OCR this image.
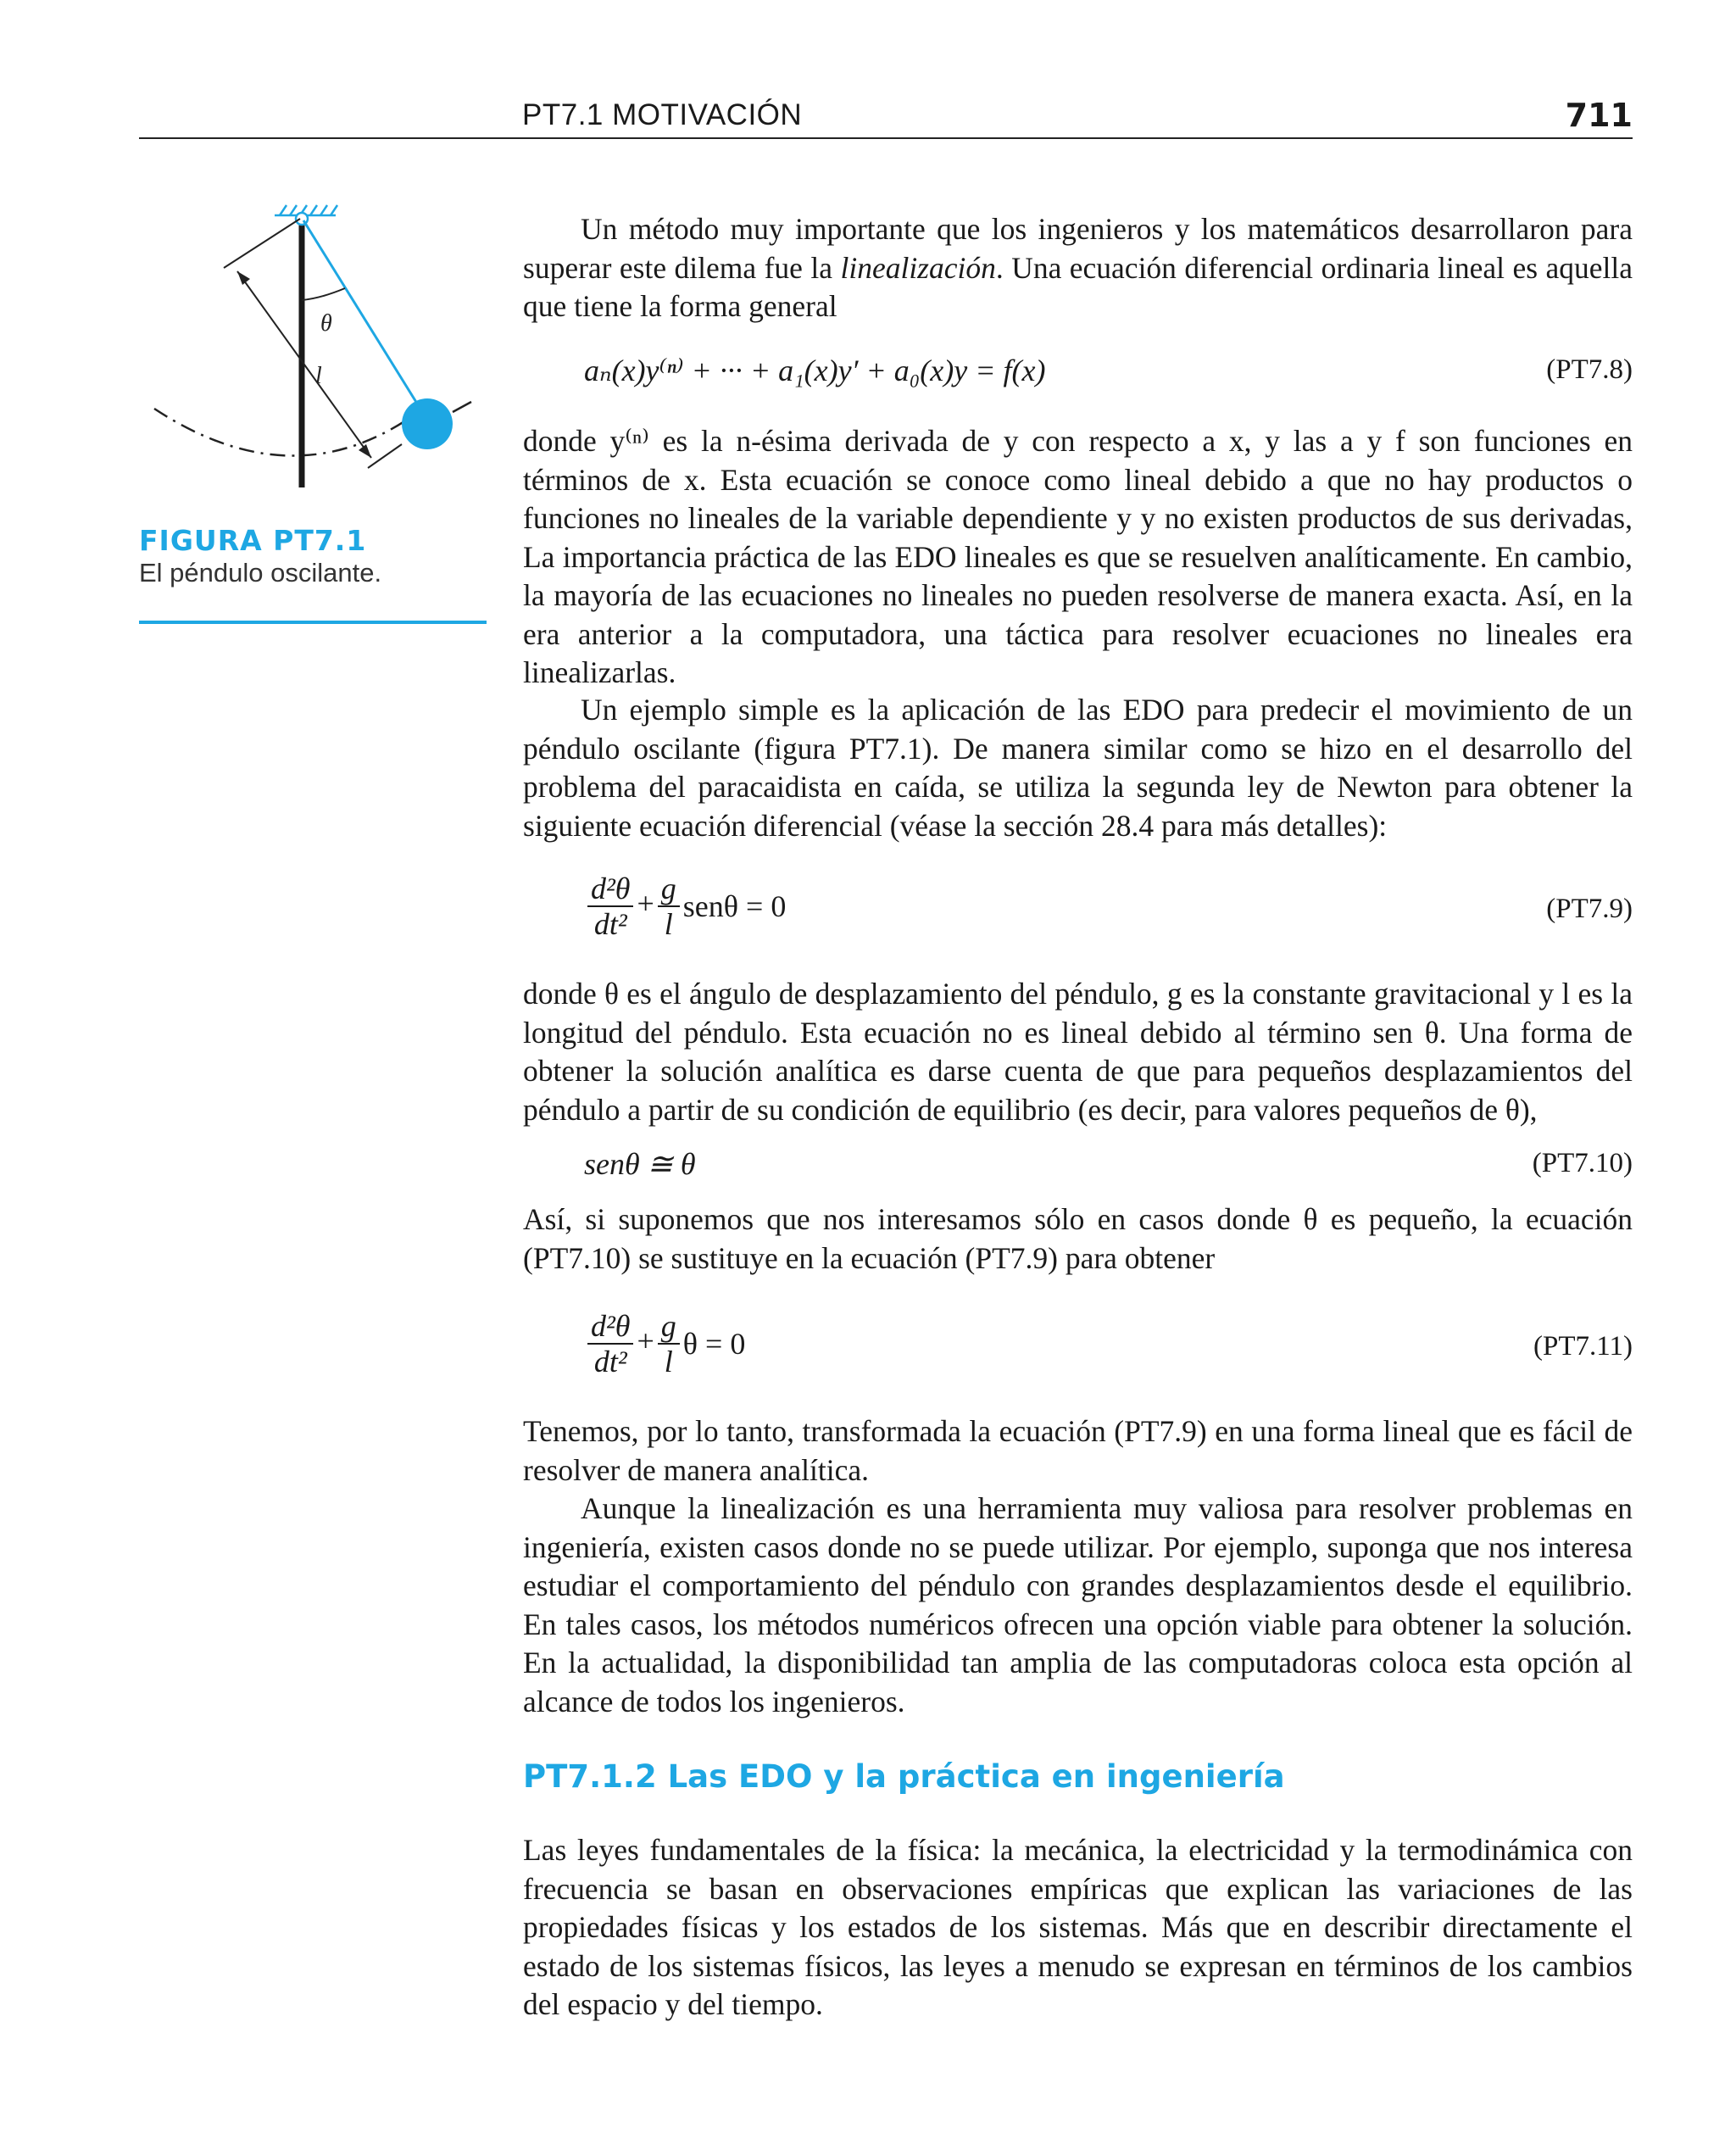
PT7.1 MOTIVACIÓN	711
θ
l
FIGURA PT7.1
El péndulo oscilante.

Un método muy importante que los ingenieros y los matemáticos desarrollaron para superar este dilema fue la linealización. Una ecuación diferencial ordinaria lineal es aquella que tiene la forma general

aₙ(x)y⁽ⁿ⁾ + ··· + a₁(x)y′ + a₀(x)y = f(x)	(PT7.8)

donde y⁽ⁿ⁾ es la n-ésima derivada de y con respecto a x, y las a y f son funciones en términos de x. Esta ecuación se conoce como lineal debido a que no hay productos o funciones no lineales de la variable dependiente y y no existen productos de sus derivadas, La importancia práctica de las EDO lineales es que se resuelven analíticamente. En cambio, la mayoría de las ecuaciones no lineales no pueden resolverse de manera exacta. Así, en la era anterior a la computadora, una táctica para resolver ecuaciones no lineales era linealizarlas.

Un ejemplo simple es la aplicación de las EDO para predecir el movimiento de un péndulo oscilante (figura PT7.1). De manera similar como se hizo en el desarrollo del problema del paracaidista en caída, se utiliza la segunda ley de Newton para obtener la siguiente ecuación diferencial (véase la sección 28.4 para más detalles):

$\frac{\text{d²θ}}{\text{dt²}} + \frac{g}{l}$ senθ = 0	(PT7.9)

donde θ es el ángulo de desplazamiento del péndulo, g es la constante gravitacional y l es la longitud del péndulo. Esta ecuación no es lineal debido al término sen θ. Una forma de obtener la solución analítica es darse cuenta de que para pequeños desplazamientos del péndulo a partir de su condición de equilibrio (es decir, para valores pequeños de θ),

senθ ≅ θ	(PT7.10)

Así, si suponemos que nos interesamos sólo en casos donde θ es pequeño, la ecuación (PT7.10) se sustituye en la ecuación (PT7.9) para obtener

$\frac{\text{d²θ}}{\text{dt²}} + \frac{g}{l}$ θ = 0	(PT7.11)

Tenemos, por lo tanto, transformada la ecuación (PT7.9) en una forma lineal que es fácil de resolver de manera analítica.

Aunque la linealización es una herramienta muy valiosa para resolver problemas en ingeniería, existen casos donde no se puede utilizar. Por ejemplo, suponga que nos interesa estudiar el comportamiento del péndulo con grandes desplazamientos desde el equilibrio. En tales casos, los métodos numéricos ofrecen una opción viable para obtener la solución. En la actualidad, la disponibilidad tan amplia de las computadoras coloca esta opción al alcance de todos los ingenieros.

PT7.1.2 Las EDO y la práctica en ingeniería

Las leyes fundamentales de la física: la mecánica, la electricidad y la termodinámica con frecuencia se basan en observaciones empíricas que explican las variaciones de las propiedades físicas y los estados de los sistemas. Más que en describir directamente el estado de los sistemas físicos, las leyes a menudo se expresan en términos de los cambios del espacio y del tiempo.
